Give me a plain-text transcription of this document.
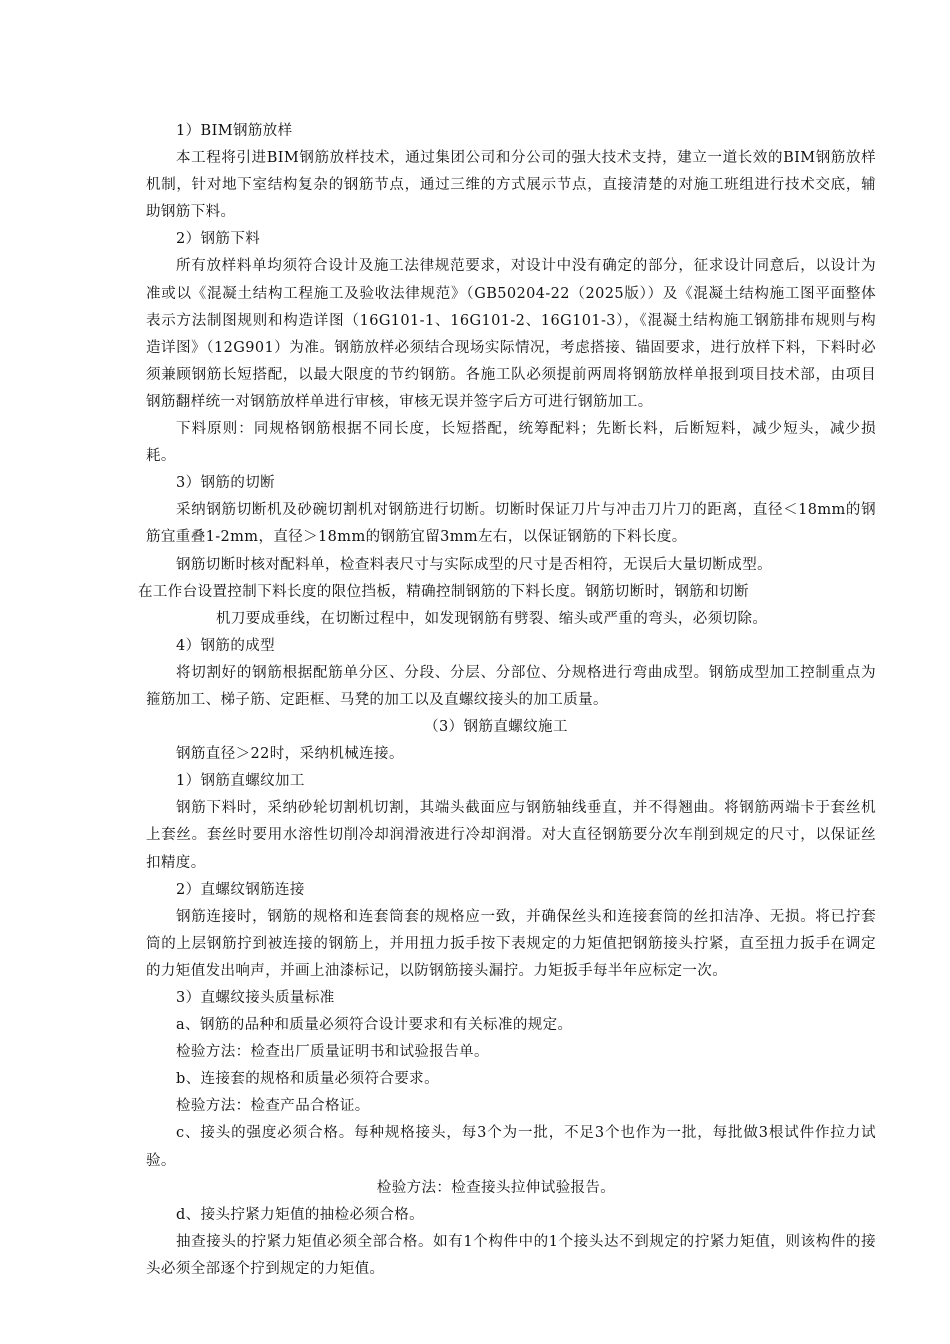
1）BIM钢筋放样

本工程将引进BIM钢筋放样技术，通过集团公司和分公司的强大技术支持，建立一道长效的BIM钢筋放样机制，针对地下室结构复杂的钢筋节点，通过三维的方式展示节点，直接清楚的对施工班组进行技术交底，辅助钢筋下料。

2）钢筋下料

所有放样料单均须符合设计及施工法律规范要求，对设计中没有确定的部分，征求设计同意后，以设计为准或以《混凝土结构工程施工及验收法律规范》（GB50204-22（2025版））及《混凝土结构施工图平面整体表示方法制图规则和构造详图（16G101-1、16G101-2、16G101-3），《混凝土结构施工钢筋排布规则与构造详图》（12G901）为准。钢筋放样必须结合现场实际情况，考虑搭接、锚固要求，进行放样下料，下料时必须兼顾钢筋长短搭配，以最大限度的节约钢筋。各施工队必须提前两周将钢筋放样单报到项目技术部，由项目钢筋翻样统一对钢筋放样单进行审核，审核无误并签字后方可进行钢筋加工。

下料原则：同规格钢筋根据不同长度，长短搭配，统筹配料；先断长料，后断短料，减少短头，减少损耗。

3）钢筋的切断

采纳钢筋切断机及砂碗切割机对钢筋进行切断。切断时保证刀片与冲击刀片刀的距离，直径＜18mm的钢筋宜重叠1-2mm，直径＞18mm的钢筋宜留3mm左右，以保证钢筋的下料长度。

钢筋切断时核对配料单，检查料表尺寸与实际成型的尺寸是否相符，无误后大量切断成型。

在工作台设置控制下料长度的限位挡板，精确控制钢筋的下料长度。钢筋切断时，钢筋和切断

机刀要成垂线，在切断过程中，如发现钢筋有劈裂、缩头或严重的弯头，必须切除。

4）钢筋的成型

将切割好的钢筋根据配筋单分区、分段、分层、分部位、分规格进行弯曲成型。钢筋成型加工控制重点为箍筋加工、梯子筋、定距框、马凳的加工以及直螺纹接头的加工质量。

（3）钢筋直螺纹施工

钢筋直径＞22时，采纳机械连接。

1）钢筋直螺纹加工

钢筋下料时，采纳砂轮切割机切割，其端头截面应与钢筋轴线垂直，并不得翘曲。将钢筋两端卡于套丝机上套丝。套丝时要用水溶性切削冷却润滑液进行冷却润滑。对大直径钢筋要分次车削到规定的尺寸，以保证丝扣精度。

2）直螺纹钢筋连接

钢筋连接时，钢筋的规格和连套筒套的规格应一致，并确保丝头和连接套筒的丝扣洁净、无损。将已拧套筒的上层钢筋拧到被连接的钢筋上，并用扭力扳手按下表规定的力矩值把钢筋接头拧紧，直至扭力扳手在调定的力矩值发出响声，并画上油漆标记，以防钢筋接头漏拧。力矩扳手每半年应标定一次。

3）直螺纹接头质量标准

a、钢筋的品种和质量必须符合设计要求和有关标准的规定。

检验方法：检查出厂质量证明书和试验报告单。

b、连接套的规格和质量必须符合要求。

检验方法：检查产品合格证。

c、接头的强度必须合格。每种规格接头，每3个为一批，不足3个也作为一批，每批做3根试件作拉力试验。

检验方法：检查接头拉伸试验报告。

d、接头拧紧力矩值的抽检必须合格。

抽查接头的拧紧力矩值必须全部合格。如有1个构件中的1个接头达不到规定的拧紧力矩值，则该构件的接头必须全部逐个拧到规定的力矩值。
